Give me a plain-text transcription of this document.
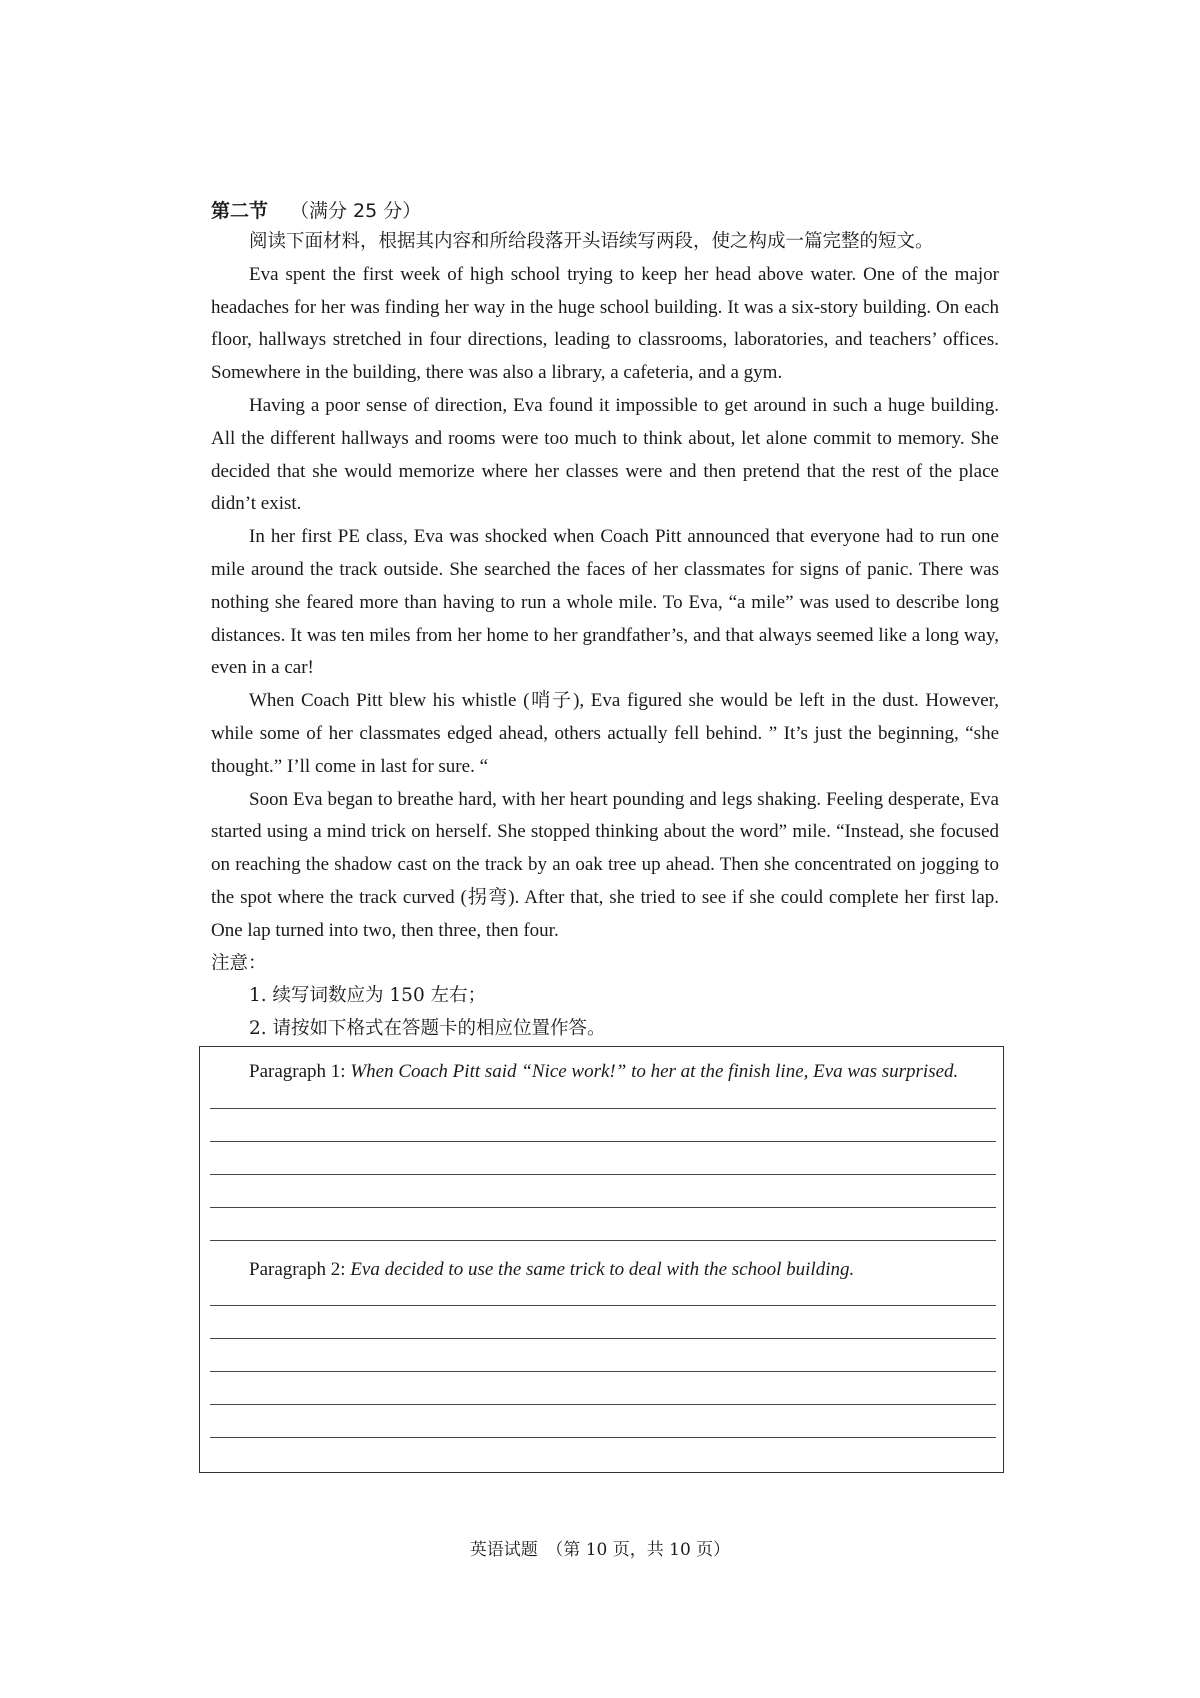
第二节 （满分 25 分）
阅读下面材料，根据其内容和所给段落开头语续写两段，使之构成一篇完整的短文。

Eva spent the first week of high school trying to keep her head above water. One of the major headaches for her was finding her way in the huge school building. It was a six-story building. On each floor, hallways stretched in four directions, leading to classrooms, laboratories, and teachers’ offices. Somewhere in the building, there was also a library, a cafeteria, and a gym.

Having a poor sense of direction, Eva found it impossible to get around in such a huge building. All the different hallways and rooms were too much to think about, let alone commit to memory. She decided that she would memorize where her classes were and then pretend that the rest of the place didn’t exist.

In her first PE class, Eva was shocked when Coach Pitt announced that everyone had to run one mile around the track outside. She searched the faces of her classmates for signs of panic. There was nothing she feared more than having to run a whole mile. To Eva, “a mile” was used to describe long distances. It was ten miles from her home to her grandfather’s, and that always seemed like a long way, even in a car!

When Coach Pitt blew his whistle (哨子), Eva figured she would be left in the dust. However, while some of her classmates edged ahead, others actually fell behind. ” It’s just the beginning, “she thought.” I’ll come in last for sure. “

Soon Eva began to breathe hard, with her heart pounding and legs shaking. Feeling desperate, Eva started using a mind trick on herself. She stopped thinking about the word” mile. “Instead, she focused on reaching the shadow cast on the track by an oak tree up ahead. Then she concentrated on jogging to the spot where the track curved (拐弯). After that, she tried to see if she could complete her first lap. One lap turned into two, then three, then four.

注意：
1. 续写词数应为 150 左右；
2. 请按如下格式在答题卡的相应位置作答。
Paragraph 1: When Coach Pitt said “Nice work!” to her at the finish line, Eva was surprised.
Paragraph 2: Eva decided to use the same trick to deal with the school building.
英语试题　（第 10 页，共 10 页）
